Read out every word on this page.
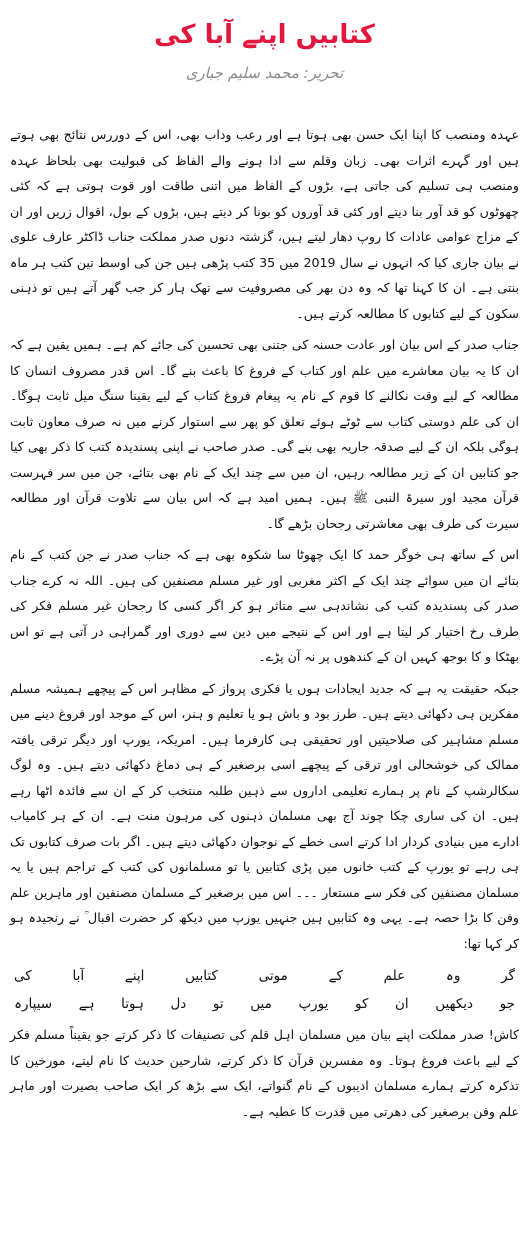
کتابیں اپنے آبا کی
تحریر: محمد سلیم جباری

عہدہ ومنصب کا اپنا ایک حسن بھی ہوتا ہے اور رعب وداب بھی، اس کے دوررس نتائج بھی ہوتے ہیں اور گہرے اثرات بھی۔ زبان وقلم سے ادا ہونے والے الفاظ کی قبولیت بھی بلحاظ عہدہ ومنصب ہی تسلیم کی جاتی ہے، بڑوں کے الفاظ میں اتنی طاقت اور قوت ہوتی ہے کہ کئی چھوٹوں کو قد آور بنا دیتے اور کئی قد آوروں کو بونا کر دیتے ہیں، بڑوں کے بول، اقوال زریں اور ان کے مزاج عوامی عادات کا روپ دھار لیتے ہیں، گزشتہ دنوں صدر مملکت جناب ڈاکٹر عارف علوی نے بیان جاری کیا کہ انہوں نے سال 2019 میں 35 کتب پڑھی ہیں جن کی اوسط تین کتب ہر ماہ بنتی ہے۔ ان کا کہنا تھا کہ وہ دن بھر کی مصروفیت سے تھک ہار کر جب گھر آتے ہیں تو ذہنی سکون کے لیے کتابوں کا مطالعہ کرتے ہیں۔

جناب صدر کے اس بیان اور عادت حسنہ کی جتنی بھی تحسین کی جائے کم ہے۔ ہمیں یقین ہے کہ ان کا یہ بیان معاشرے میں علم اور کتاب کے فروغ کا باعث بنے گا۔ اس قدر مصروف انسان کا مطالعہ کے لیے وقت نکالنے کا قوم کے نام یہ پیغام فروغ کتاب کے لیے یقینا سنگ میل ثابت ہوگا۔ ان کی علم دوستی کتاب سے ٹوٹے ہوئے تعلق کو پھر سے استوار کرنے میں نہ صرف معاون ثابت ہوگی بلکہ ان کے لیے صدقہ جاریہ بھی بنے گی۔ صدر صاحب نے اپنی پسندیدہ کتب کا ذکر بھی کیا جو کتابیں ان کے زیر مطالعہ رہیں، ان میں سے چند ایک کے نام بھی بتائے، جن میں سر فہرست قرآن مجید اور سیرۃ النبی ﷺ ہیں۔ ہمیں امید ہے کہ اس بیان سے تلاوت قرآن اور مطالعہ سیرت کی طرف بھی معاشرتی رجحان بڑھے گا۔

اس کے ساتھ ہی خوگر حمد کا ایک چھوٹا سا شکوہ بھی ہے کہ جناب صدر نے جن کتب کے نام بتائے ان میں سوائے چند ایک کے اکثر مغربی اور غیر مسلم مصنفین کی ہیں۔ اللہ نہ کرے جناب صدر کی پسندیدہ کتب کی نشاندہی سے متاثر ہو کر اگر کسی کا رجحان غیر مسلم فکر کی طرف رخ اختیار کر لیتا ہے اور اس کے نتیجے میں دین سے دوری اور گمراہی در آتی ہے تو اس بھٹکا و کا بوجھ کہیں ان کے کندھوں پر نہ آن پڑے۔

جبکہ حقیقت یہ ہے کہ جدید ایجادات ہوں یا فکری پرواز کے مظاہر اس کے پیچھے ہمیشہ مسلم مفکرین ہی دکھائی دیتے ہیں۔ طرز بود و باش ہو یا تعلیم و ہنر، اس کے موجد اور فروغ دینے میں مسلم مشاہیر کی صلاحیتیں اور تحقیقی ہی کارفرما ہیں۔ امریکہ، یورپ اور دیگر ترقی یافتہ ممالک کی خوشحالی اور ترقی کے پیچھے اسی برصغیر کے ہی دماغ دکھائی دیتے ہیں۔ وہ لوگ سکالرشپ کے نام پر ہمارے تعلیمی اداروں سے ذہین طلبہ منتخب کر کے ان سے فائدہ اٹھا رہے ہیں۔ ان کی ساری چکا چوند آج بھی مسلمان ذہنوں کی مرہون منت ہے۔ ان کے ہر کامیاب ادارے میں بنیادی کردار ادا کرتے اسی خطے کے نوجوان دکھائی دیتے ہیں۔ اگر بات صرف کتابوں تک ہی رہے تو یورپ کے کتب خانوں میں پڑی کتابیں یا تو مسلمانوں کی کتب کے تراجم ہیں یا یہ مسلمان مصنفین کی فکر سے مستعار ۔۔۔ اس میں برصغیر کے مسلمان مصنفین اور ماہرین علم وفن کا بڑا حصہ ہے۔ یہی وہ کتابیں ہیں جنہیں یورپ میں دیکھ کر حضرت اقبال ؒ نے رنجیدہ ہو کر کہا تھا:

گر
وہ
علم
کے
موتی
کتابیں
اپنے
آبا
کی
جو
دیکھیں
ان
کو
یورپ
میں
تو
دل
ہوتا
ہے
سیپارہ

کاش! صدر مملکت اپنے بیان میں مسلمان اہل قلم کی تصنیفات کا ذکر کرتے جو یقیناً مسلم فکر کے لیے باعث فروغ ہوتا۔ وہ مفسرین قرآن کا ذکر کرتے، شارحین حدیث کا نام لیتے، مورخین کا تذکرہ کرتے ہمارے مسلمان ادیبوں کے نام گنواتے، ایک سے بڑھ کر ایک صاحب بصیرت اور ماہر علم وفن برصغیر کی دھرتی میں قدرت کا عطیہ ہے۔
